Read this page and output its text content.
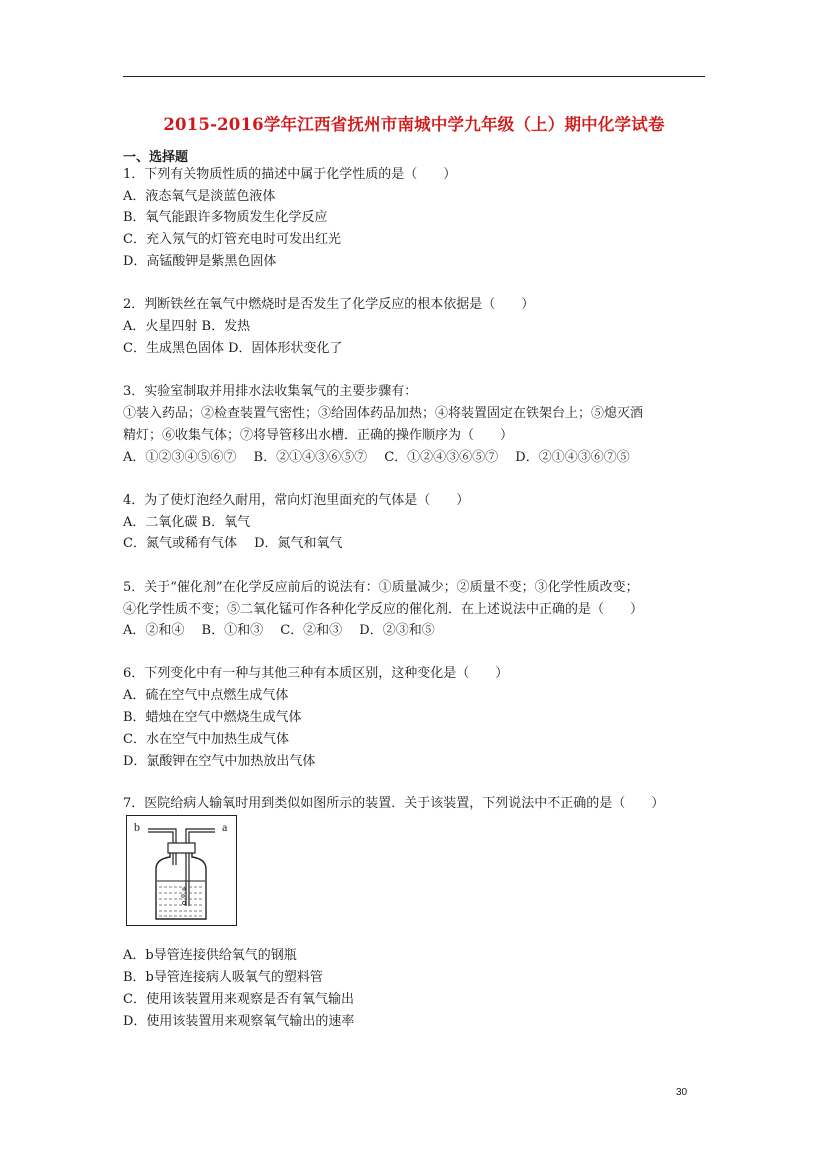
2015-2016学年江西省抚州市南城中学九年级（上）期中化学试卷
一、选择题
1．下列有关物质性质的描述中属于化学性质的是（　　）
A．液态氧气是淡蓝色液体
B．氧气能跟许多物质发生化学反应
C．充入氖气的灯管充电时可发出红光
D．高锰酸钾是紫黑色固体
2．判断铁丝在氧气中燃烧时是否发生了化学反应的根本依据是（　　）
A．火星四射 B．发热
C．生成黑色固体 D．固体形状变化了
3．实验室制取并用排水法收集氧气的主要步骤有：
①装入药品；②检查装置气密性；③给固体药品加热；④将装置固定在铁架台上；⑤熄灭酒
精灯；⑥收集气体；⑦将导管移出水槽．正确的操作顺序为（　　）
A．①②③④⑤⑥⑦　 B．②①④③⑥⑤⑦　 C．①②④③⑥⑤⑦　 D．②①④③⑥⑦⑤
4．为了使灯泡经久耐用，常向灯泡里面充的气体是（　　）
A．二氧化碳 B．氧气
C．氮气或稀有气体　 D．氮气和氧气
5．关于“催化剂”在化学反应前后的说法有：①质量减少；②质量不变；③化学性质改变；
④化学性质不变；⑤二氧化锰可作各种化学反应的催化剂．在上述说法中正确的是（　　）
A．②和④　 B．①和③　 C．②和③　 D．②③和⑤
6．下列变化中有一种与其他三种有本质区别，这种变化是（　　）
A．硫在空气中点燃生成气体
B．蜡烛在空气中燃烧生成气体
C．水在空气中加热生成气体
D．氯酸钾在空气中加热放出气体
7．医院给病人输氧时用到类似如图所示的装置．关于该装置，下列说法中不正确的是（　　）
b	a
A．b导管连接供给氧气的钢瓶
B．b导管连接病人吸氧气的塑料管
C．使用该装置用来观察是否有氧气输出
D．使用该装置用来观察氧气输出的速率
30
